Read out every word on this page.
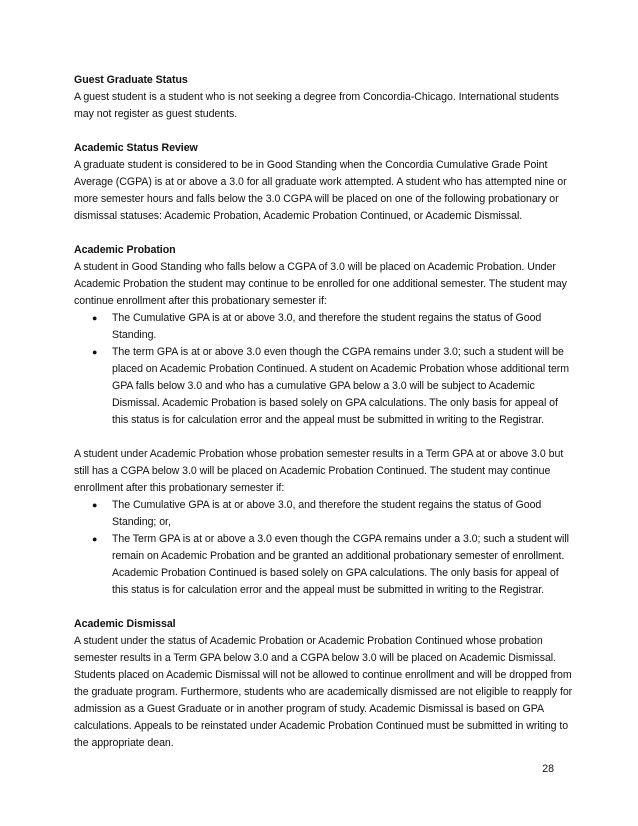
Guest Graduate Status

A guest student is a student who is not seeking a degree from Concordia-Chicago. International students may not register as guest students.

Academic Status Review

A graduate student is considered to be in Good Standing when the Concordia Cumulative Grade Point Average (CGPA) is at or above a 3.0 for all graduate work attempted. A student who has attempted nine or more semester hours and falls below the 3.0 CGPA will be placed on one of the following probationary or dismissal statuses: Academic Probation, Academic Probation Continued, or Academic Dismissal.

Academic Probation

A student in Good Standing who falls below a CGPA of 3.0 will be placed on Academic Probation. Under Academic Probation the student may continue to be enrolled for one additional semester. The student may continue enrollment after this probationary semester if:

● The Cumulative GPA is at or above 3.0, and therefore the student regains the status of Good Standing.
● The term GPA is at or above 3.0 even though the CGPA remains under 3.0; such a student will be placed on Academic Probation Continued. A student on Academic Probation whose additional term GPA falls below 3.0 and who has a cumulative GPA below a 3.0 will be subject to Academic Dismissal. Academic Probation is based solely on GPA calculations. The only basis for appeal of this status is for calculation error and the appeal must be submitted in writing to the Registrar.

A student under Academic Probation whose probation semester results in a Term GPA at or above 3.0 but still has a CGPA below 3.0 will be placed on Academic Probation Continued. The student may continue enrollment after this probationary semester if:

● The Cumulative GPA is at or above 3.0, and therefore the student regains the status of Good Standing; or,
● The Term GPA is at or above a 3.0 even though the CGPA remains under a 3.0; such a student will remain on Academic Probation and be granted an additional probationary semester of enrollment. Academic Probation Continued is based solely on GPA calculations. The only basis for appeal of this status is for calculation error and the appeal must be submitted in writing to the Registrar.
Academic Dismissal

A student under the status of Academic Probation or Academic Probation Continued whose probation semester results in a Term GPA below 3.0 and a CGPA below 3.0 will be placed on Academic Dismissal. Students placed on Academic Dismissal will not be allowed to continue enrollment and will be dropped from the graduate program. Furthermore, students who are academically dismissed are not eligible to reapply for admission as a Guest Graduate or in another program of study. Academic Dismissal is based on GPA calculations. Appeals to be reinstated under Academic Probation Continued must be submitted in writing to the appropriate dean.

28
